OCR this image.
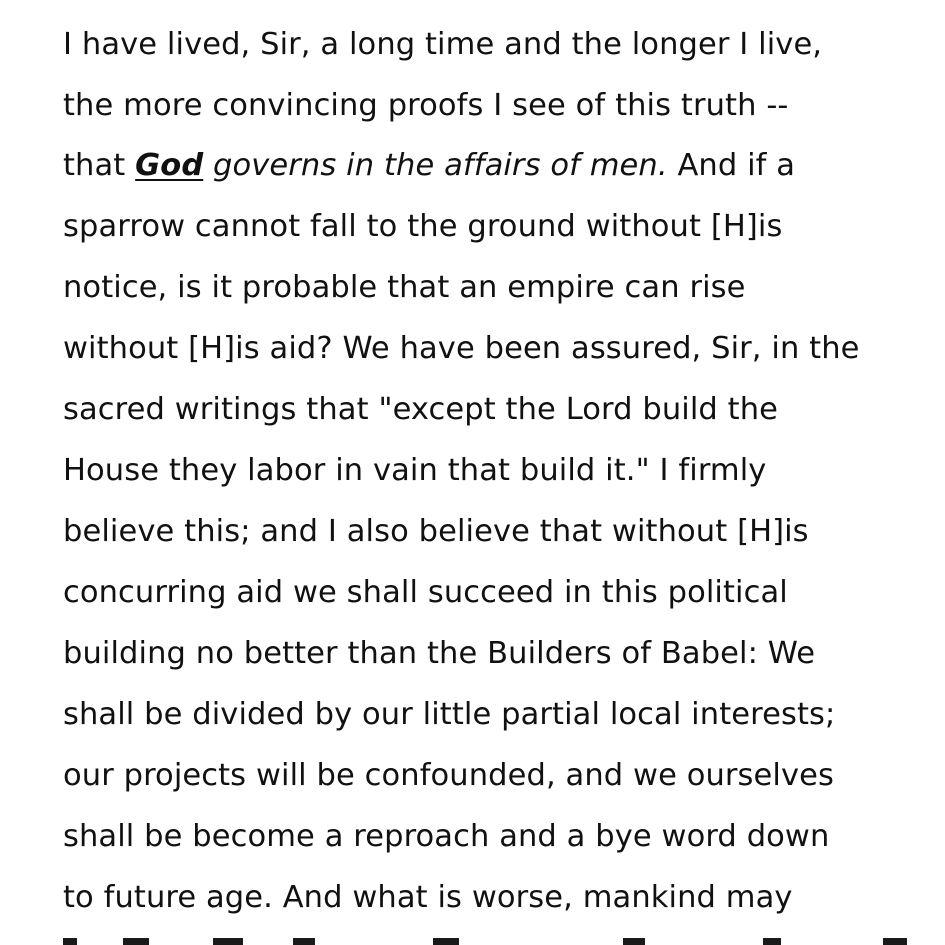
I have lived, Sir, a long time and the longer I live,
the more convincing proofs I see of this truth --
that God governs in the affairs of men. And if a
sparrow cannot fall to the ground without [H]is
notice, is it probable that an empire can rise
without [H]is aid? We have been assured, Sir, in the
sacred writings that "except the Lord build the
House they labor in vain that build it." I firmly
believe this; and I also believe that without [H]is
concurring aid we shall succeed in this political
building no better than the Builders of Babel: We
shall be divided by our little partial local interests;
our projects will be confounded, and we ourselves
shall be become a reproach and a bye word down
to future age. And what is worse, mankind may
